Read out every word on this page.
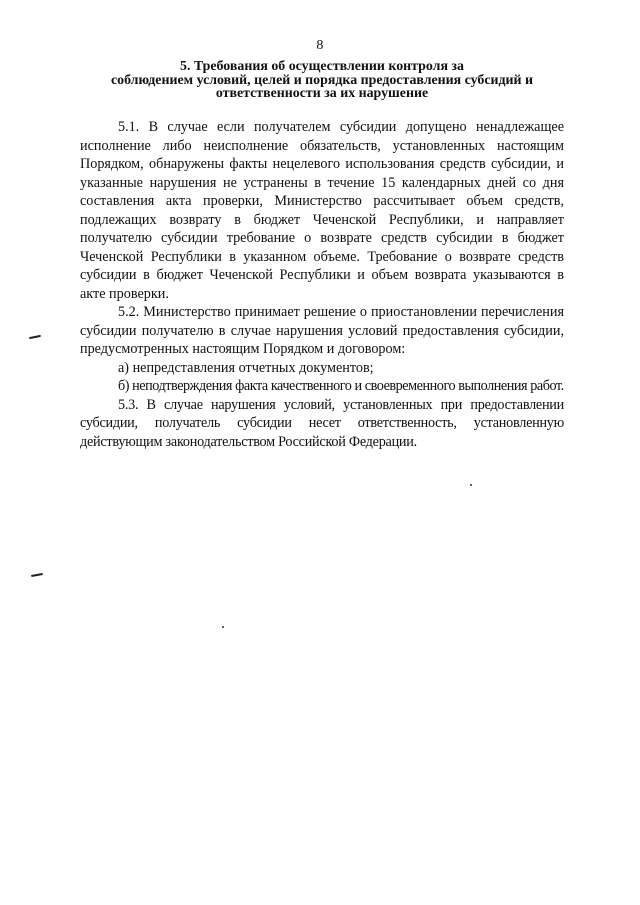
8
5. Требования об осуществлении контроля за
соблюдением условий, целей и порядка предоставления субсидий и
ответственности за их нарушение

5.1. В случае если получателем субсидии допущено ненадлежащее исполнение либо неисполнение обязательств, установленных настоящим Порядком, обнаружены факты нецелевого использования средств субсидии, и указанные нарушения не устранены в течение 15 календарных дней со дня составления акта проверки, Министерство рассчитывает объем средств, подлежащих возврату в бюджет Чеченской Республики, и направляет получателю субсидии требование о возврате средств субсидии в бюджет Чеченской Республики в указанном объеме. Требование о возврате средств субсидии в бюджет Чеченской Республики и объем возврата указываются в акте проверки.

5.2. Министерство принимает решение о приостановлении перечисления субсидии получателю в случае нарушения условий предоставления субсидии, предусмотренных настоящим Порядком и договором:

а) непредставления отчетных документов;

б) неподтверждения факта качественного и своевременного выполнения работ.

5.3. В случае нарушения условий, установленных при предоставлении субсидии, получатель субсидии несет ответственность, установленную действующим законодательством Российской Федерации.
